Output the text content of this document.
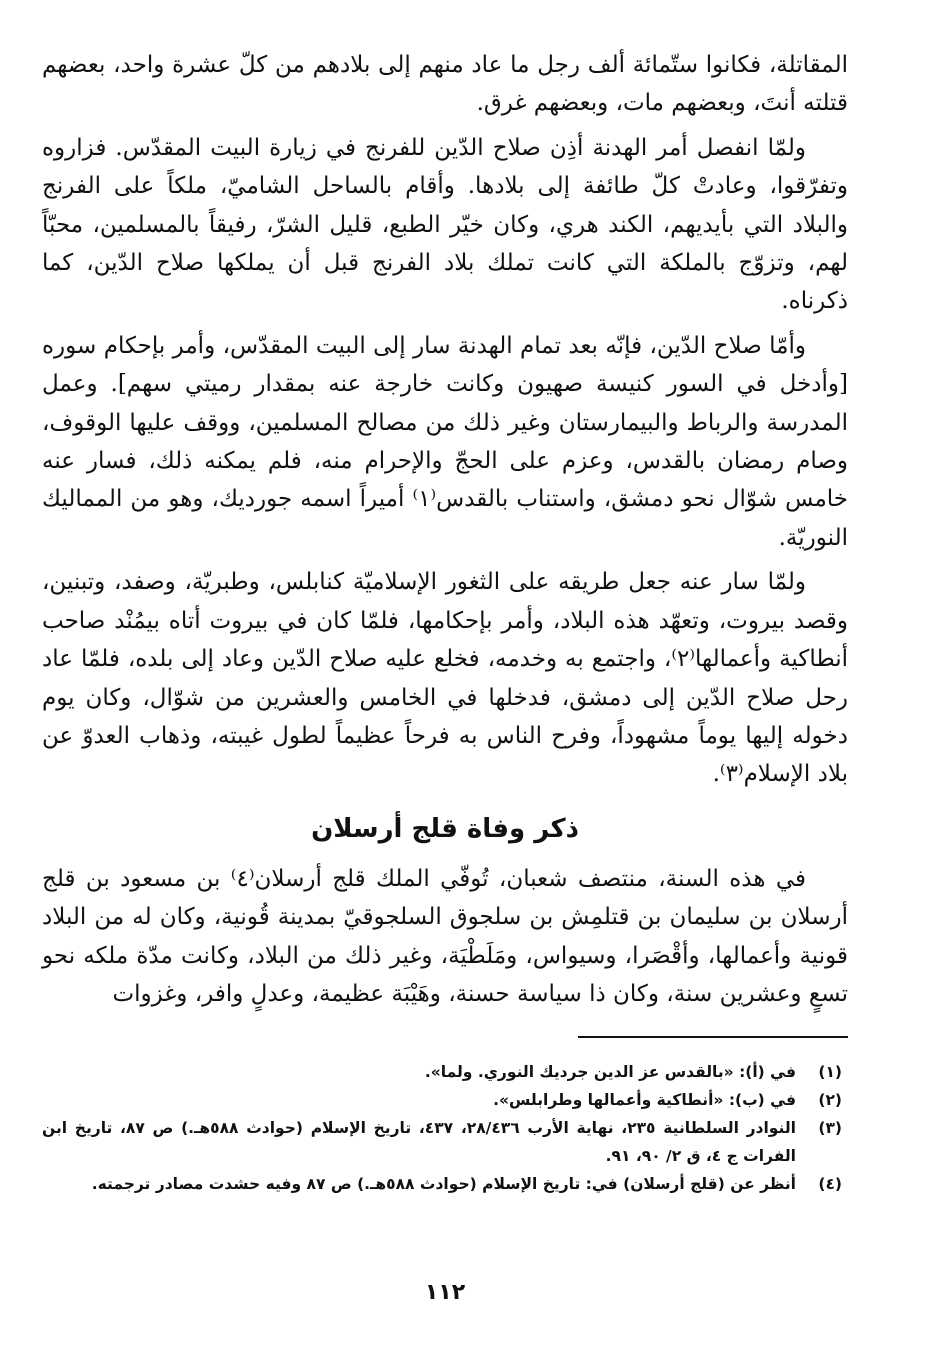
المقاتلة، فكانوا ستّمائة ألف رجل ما عاد منهم إلى بلادهم من كلّ عشرة واحد، بعضهم قتلته أنتَ، وبعضهم مات، وبعضهم غرق.

ولمّا انفصل أمر الهدنة أذِن صلاح الدّين للفرنج في زيارة البيت المقدّس. فزاروه وتفرّقوا، وعادتْ كلّ طائفة إلى بلادها. وأقام بالساحل الشاميّ، ملكاً على الفرنج والبلاد التي بأيديهم، الكند هري، وكان خيّر الطبع، قليل الشرّ، رفيقاً بالمسلمين، محبّاً لهم، وتزوّج بالملكة التي كانت تملك بلاد الفرنج قبل أن يملكها صلاح الدّين، كما ذكرناه.

وأمّا صلاح الدّين، فإنّه بعد تمام الهدنة سار إلى البيت المقدّس، وأمر بإحكام سوره [وأدخل في السور كنيسة صهيون وكانت خارجة عنه بمقدار رميتي سهم]. وعمل المدرسة والرباط والبيمارستان وغير ذلك من مصالح المسلمين، ووقف عليها الوقوف، وصام رمضان بالقدس، وعزم على الحجّ والإحرام منه، فلم يمكنه ذلك، فسار عنه خامس شوّال نحو دمشق، واستناب بالقدس⁽١⁾ أميراً اسمه جورديك، وهو من المماليك النوريّة.

ولمّا سار عنه جعل طريقه على الثغور الإسلاميّة كنابلس، وطبريّة، وصفد، وتبنين، وقصد بيروت، وتعهّد هذه البلاد، وأمر بإحكامها، فلمّا كان في بيروت أتاه بيمُنْد صاحب أنطاكية وأعمالها⁽٢⁾، واجتمع به وخدمه، فخلع عليه صلاح الدّين وعاد إلى بلده، فلمّا عاد رحل صلاح الدّين إلى دمشق، فدخلها في الخامس والعشرين من شوّال، وكان يوم دخوله إليها يوماً مشهوداً، وفرح الناس به فرحاً عظيماً لطول غيبته، وذهاب العدوّ عن بلاد الإسلام⁽٣⁾.

ذكر وفاة قلج أرسلان

في هذه السنة، منتصف شعبان، تُوفّي الملك قلج أرسلان⁽٤⁾ بن مسعود بن قلج أرسلان بن سليمان بن قتلمِش بن سلجوق السلجوقيّ بمدينة قُونية، وكان له من البلاد قونية وأعمالها، وأقْصَرا، وسيواس، ومَلَطْيَة، وغير ذلك من البلاد، وكانت مدّة ملكه نحو تسعٍ وعشرين سنة، وكان ذا سياسة حسنة، وهَيْبَة عظيمة، وعدلٍ وافر، وغزوات

(١)
في (أ): «بالقدس عز الدين جرديك النوري. ولما».
(٢)
في (ب): «أنطاكية وأعمالها وطرابلس».
(٣)
النوادر السلطانية ٢٣٥، نهاية الأرب ٢٨/٤٣٦، ٤٣٧، تاريخ الإسلام (حوادث ٥٨٨هـ.) ص ٨٧، تاريخ ابن الفرات ج ٤، ق ٢/ ٩٠، ٩١.
(٤)
أنظر عن (قلج أرسلان) في: تاريخ الإسلام (حوادث ٥٨٨هـ.) ص ٨٧ وفيه حشدت مصادر ترجمته.
١١٢
